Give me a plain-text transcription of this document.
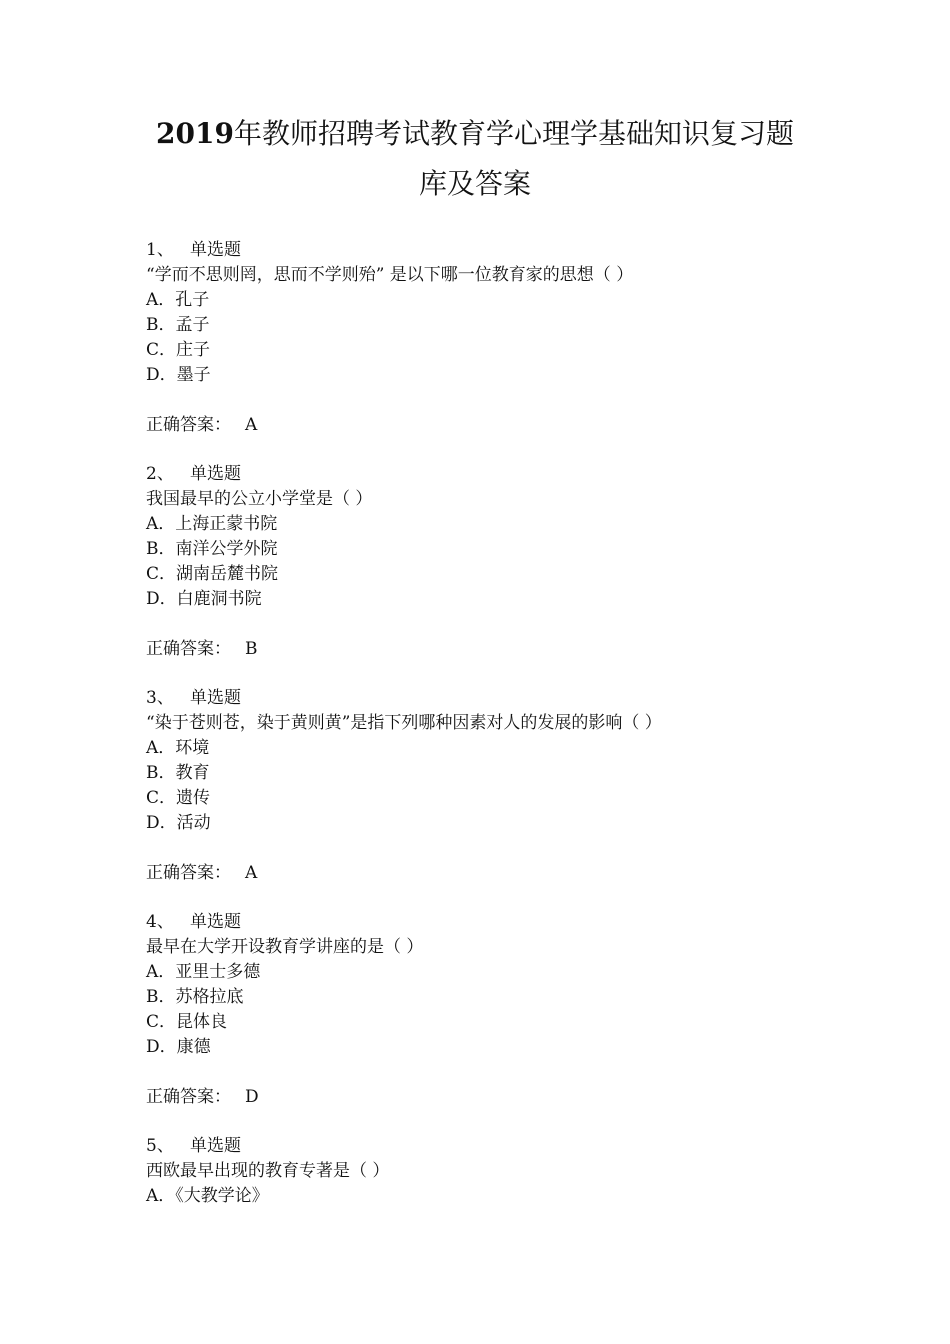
2019年教师招聘考试教育学心理学基础知识复习题
库及答案
1、 单选题
“学而不思则罔，思而不学则殆” 是以下哪一位教育家的思想（ ）
A．孔子
B．孟子
C．庄子
D．墨子
正确答案： A
2、 单选题
我国最早的公立小学堂是（ ）
A．上海正蒙书院
B．南洋公学外院
C．湖南岳麓书院
D．白鹿洞书院
正确答案： B
3、 单选题
“染于苍则苍，染于黄则黄”是指下列哪种因素对人的发展的影响（ ）
A．环境
B．教育
C．遗传
D．活动
正确答案： A
4、 单选题
最早在大学开设教育学讲座的是（ ）
A．亚里士多德
B．苏格拉底
C．昆体良
D．康德
正确答案： D
5、 单选题
西欧最早出现的教育专著是（ ）
A．《大教学论》
